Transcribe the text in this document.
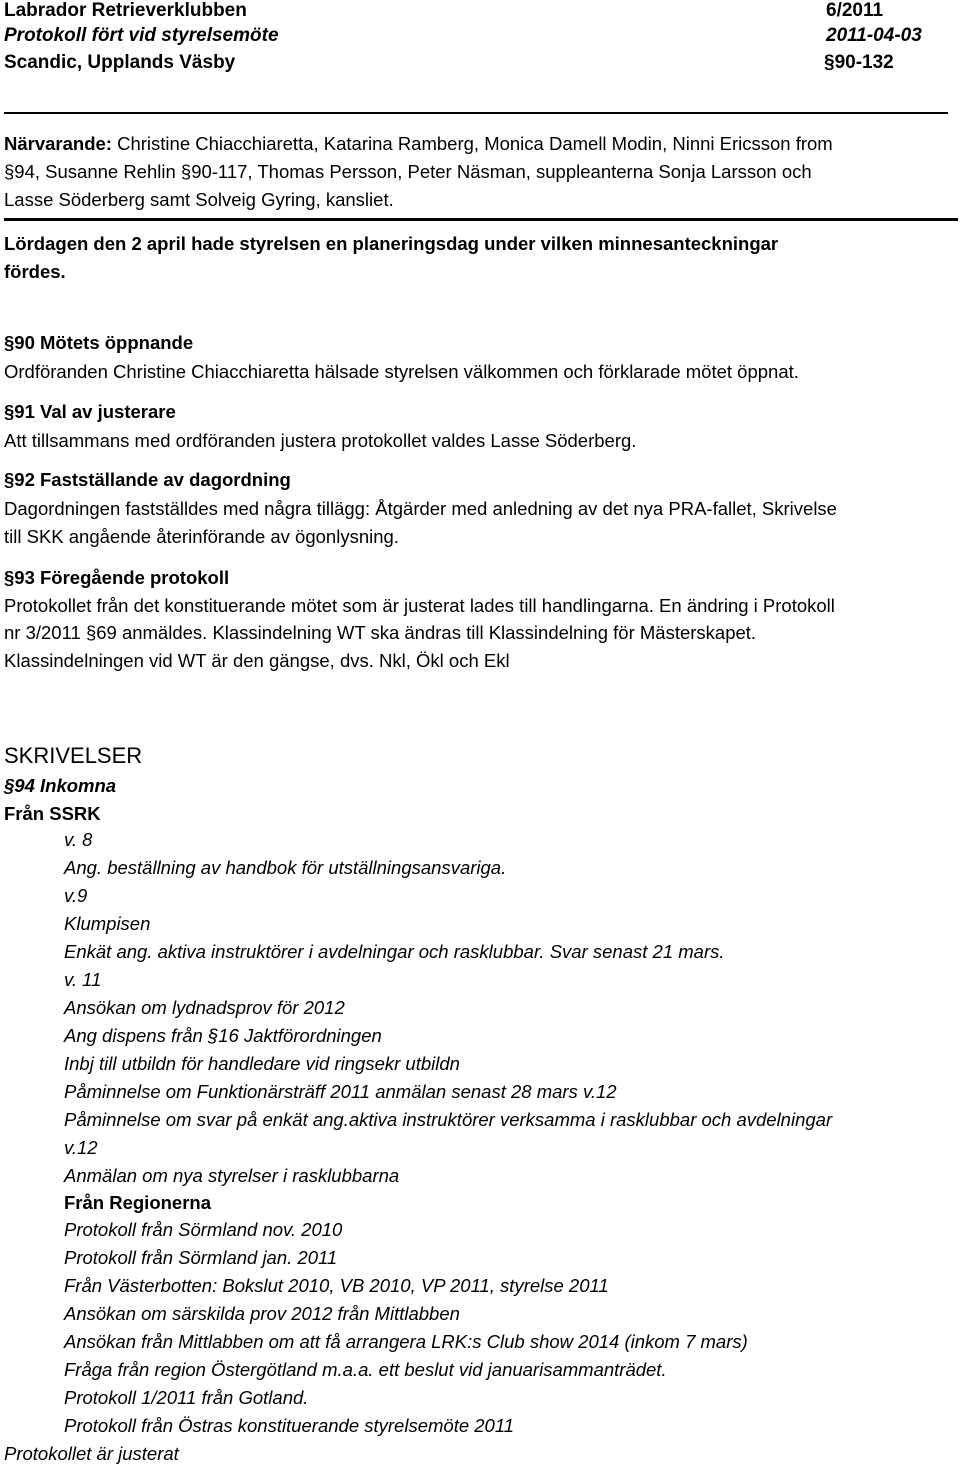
Labrador Retrieverklubben	6/2011
Protokoll fört vid styrelsemöte	2011-04-03
Scandic, Upplands Väsby	§90-132
Närvarande: Christine Chiacchiaretta, Katarina Ramberg, Monica Damell Modin, Ninni Ericsson from
§94, Susanne Rehlin §90-117, Thomas Persson, Peter Näsman, suppleanterna Sonja Larsson och
Lasse Söderberg samt Solveig Gyring, kansliet.
Lördagen den 2 april hade styrelsen en planeringsdag under vilken minnesanteckningar
fördes.
§90 Mötets öppnande
Ordföranden Christine Chiacchiaretta hälsade styrelsen välkommen och förklarade mötet öppnat.
§91 Val av justerare
Att tillsammans med ordföranden justera protokollet valdes Lasse Söderberg.
§92 Fastställande av dagordning
Dagordningen fastställdes med några tillägg: Åtgärder med anledning av det nya PRA-fallet, Skrivelse
till SKK angående återinförande av ögonlysning.
§93 Föregående protokoll
Protokollet från det konstituerande mötet som är justerat lades till handlingarna. En ändring i Protokoll
nr 3/2011 §69 anmäldes. Klassindelning WT ska ändras till Klassindelning för Mästerskapet.
Klassindelningen vid WT är den gängse, dvs. Nkl, Ökl och Ekl
SKRIVELSER
§94 Inkomna
Från SSRK
v. 8
Ang. beställning av handbok för utställningsansvariga.
v.9
Klumpisen
Enkät ang. aktiva instruktörer i avdelningar och rasklubbar. Svar senast 21 mars.
v. 11
Ansökan om lydnadsprov för 2012
Ang dispens från §16 Jaktförordningen
Inbj till utbildn för handledare vid ringsekr utbildn
Påminnelse om Funktionärsträff 2011 anmälan senast 28 mars v.12
Påminnelse om svar på enkät ang.aktiva instruktörer verksamma i rasklubbar och avdelningar
v.12
Anmälan om nya styrelser i rasklubbarna
Från Regionerna
Protokoll från Sörmland nov. 2010
Protokoll från Sörmland jan. 2011
Från Västerbotten: Bokslut 2010, VB 2010, VP 2011, styrelse 2011
Ansökan om särskilda prov 2012 från Mittlabben
Ansökan från Mittlabben om att få arrangera LRK:s Club show 2014 (inkom 7 mars)
Fråga från region Östergötland m.a.a. ett beslut vid januarisammanträdet.
Protokoll 1/2011 från Gotland.
Protokoll från Östras konstituerande styrelsemöte 2011
Protokollet är justerat
